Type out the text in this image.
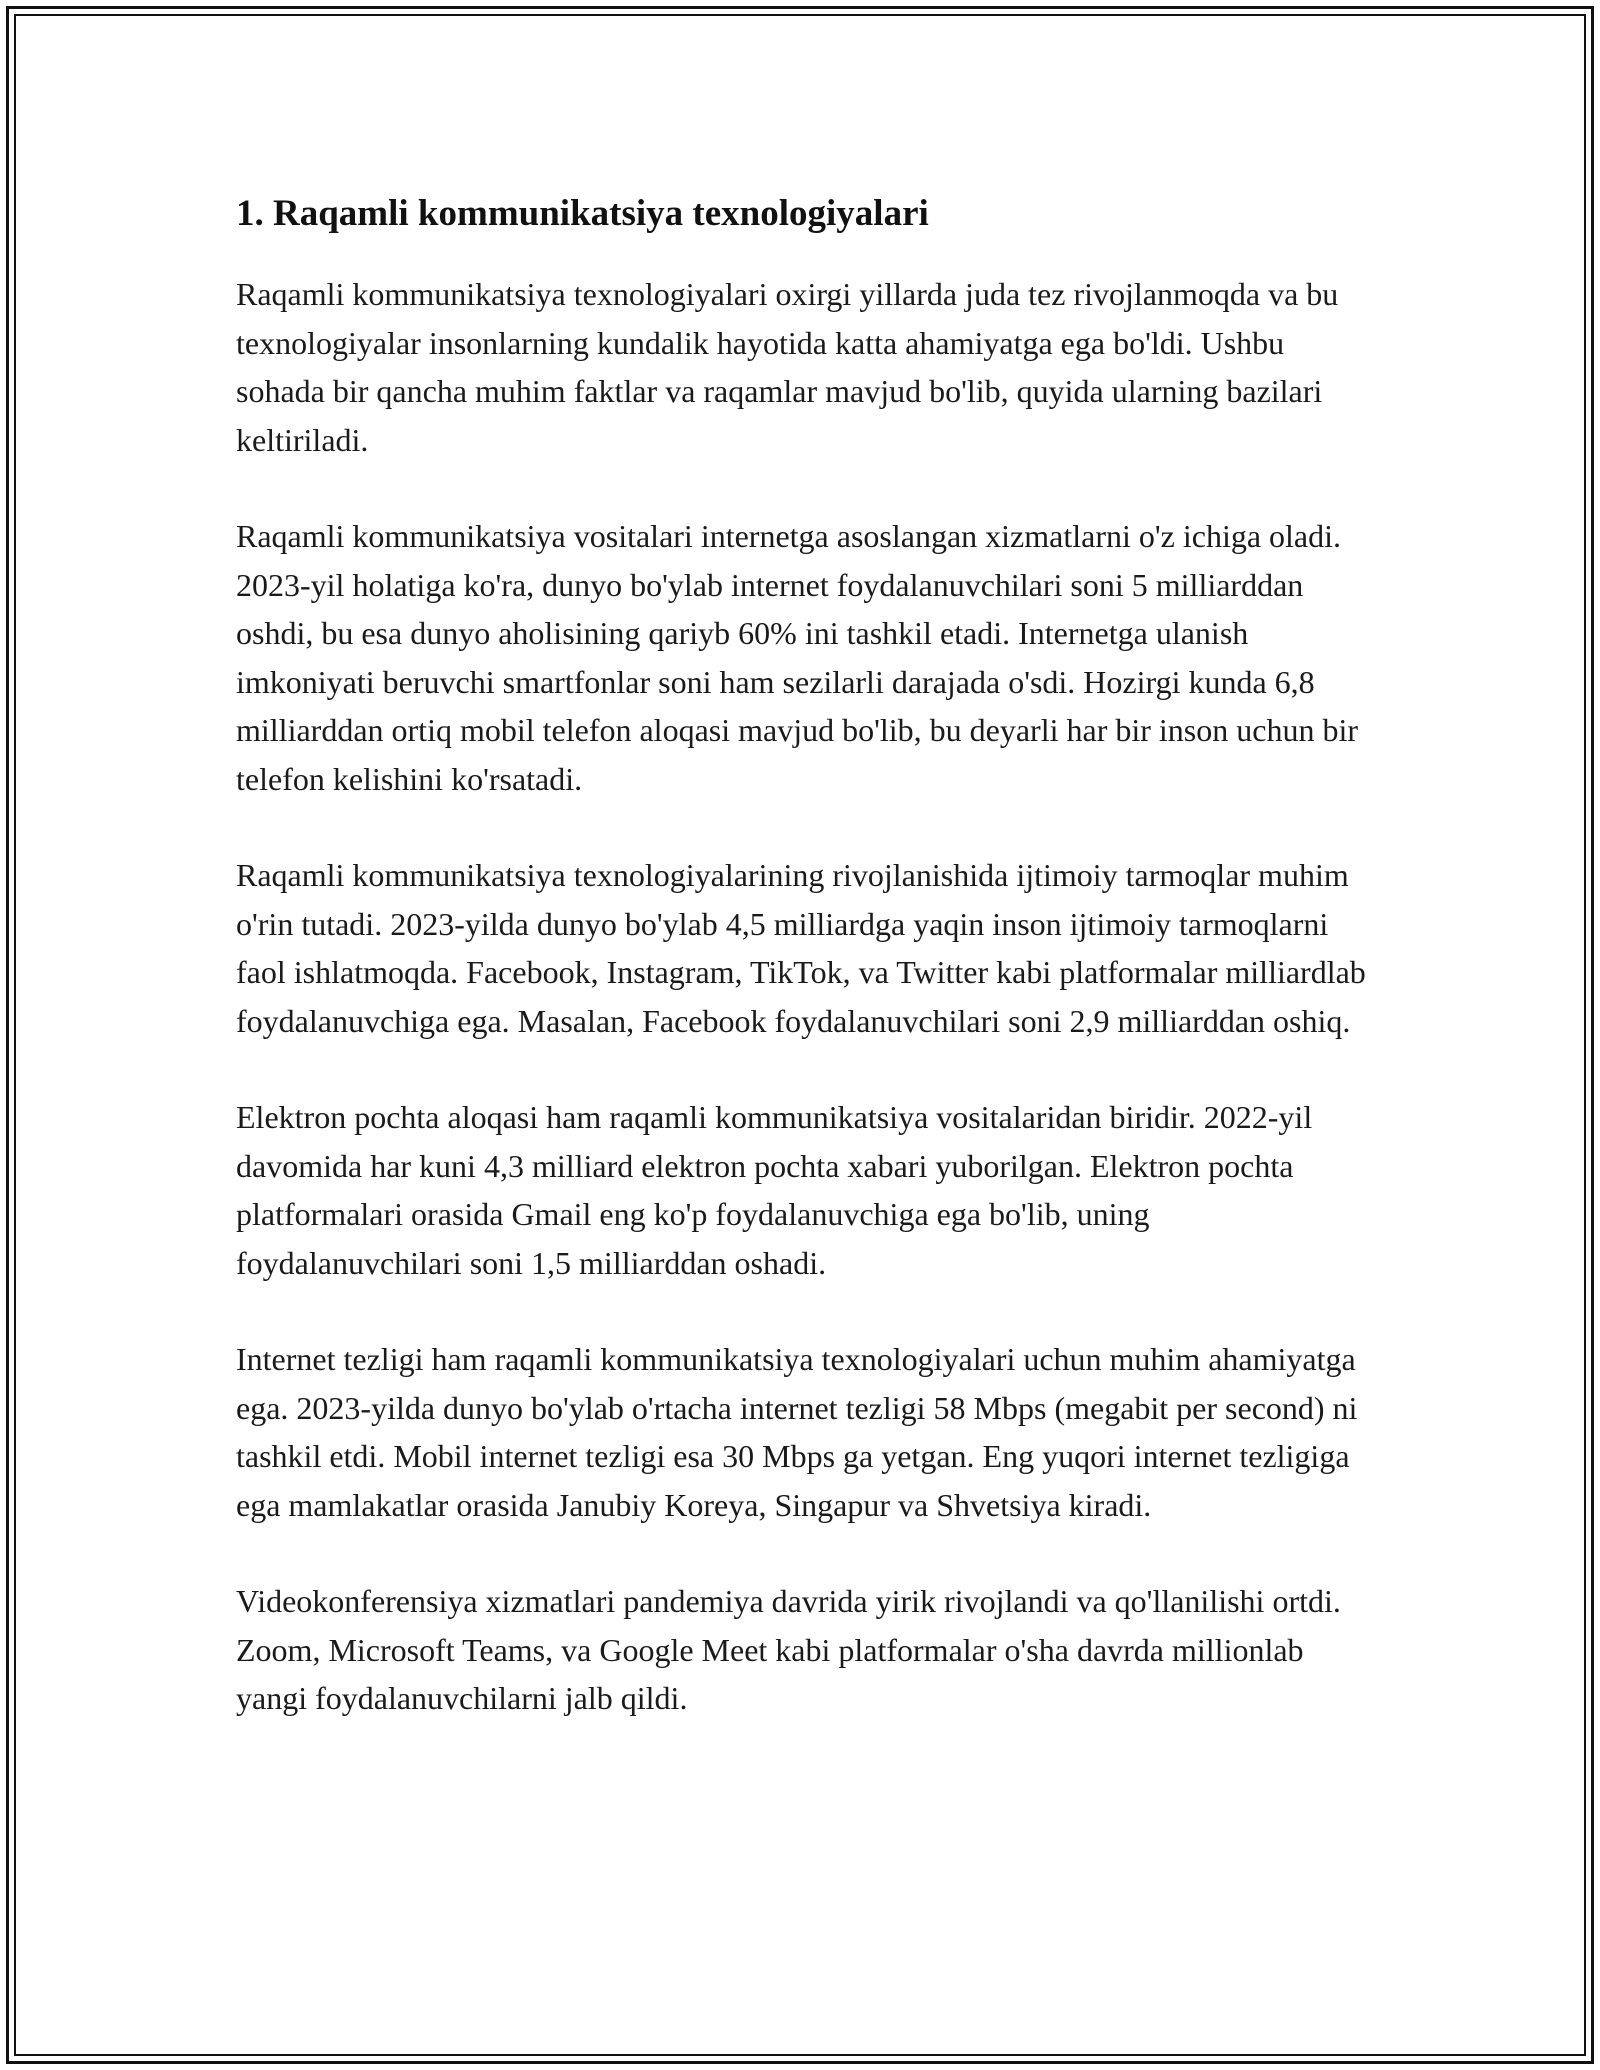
1. Raqamli kommunikatsiya texnologiyalari

Raqamli kommunikatsiya texnologiyalari oxirgi yillarda juda tez rivojlanmoqda va bu texnologiyalar insonlarning kundalik hayotida katta ahamiyatga ega bo'ldi. Ushbu sohada bir qancha muhim faktlar va raqamlar mavjud bo'lib, quyida ularning bazilari keltiriladi.

Raqamli kommunikatsiya vositalari internetga asoslangan xizmatlarni o'z ichiga oladi. 2023-yil holatiga ko'ra, dunyo bo'ylab internet foydalanuvchilari soni 5 milliarddan oshdi, bu esa dunyo aholisining qariyb 60% ini tashkil etadi. Internetga ulanish imkoniyati beruvchi smartfonlar soni ham sezilarli darajada o'sdi. Hozirgi kunda 6,8 milliarddan ortiq mobil telefon aloqasi mavjud bo'lib, bu deyarli har bir inson uchun bir telefon kelishini ko'rsatadi.

Raqamli kommunikatsiya texnologiyalarining rivojlanishida ijtimoiy tarmoqlar muhim o'rin tutadi. 2023-yilda dunyo bo'ylab 4,5 milliardga yaqin inson ijtimoiy tarmoqlarni faol ishlatmoqda. Facebook, Instagram, TikTok, va Twitter kabi platformalar milliardlab foydalanuvchiga ega. Masalan, Facebook foydalanuvchilari soni 2,9 milliarddan oshiq.

Elektron pochta aloqasi ham raqamli kommunikatsiya vositalaridan biridir. 2022-yil davomida har kuni 4,3 milliard elektron pochta xabari yuborilgan. Elektron pochta platformalari orasida Gmail eng ko'p foydalanuvchiga ega bo'lib, uning foydalanuvchilari soni 1,5 milliarddan oshadi.

Internet tezligi ham raqamli kommunikatsiya texnologiyalari uchun muhim ahamiyatga ega. 2023-yilda dunyo bo'ylab o'rtacha internet tezligi 58 Mbps (megabit per second) ni tashkil etdi. Mobil internet tezligi esa 30 Mbps ga yetgan. Eng yuqori internet tezligiga ega mamlakatlar orasida Janubiy Koreya, Singapur va Shvetsiya kiradi.

Videokonferensiya xizmatlari pandemiya davrida yirik rivojlandi va qo'llanilishi ortdi. Zoom, Microsoft Teams, va Google Meet kabi platformalar o'sha davrda millionlab yangi foydalanuvchilarni jalb qildi.
